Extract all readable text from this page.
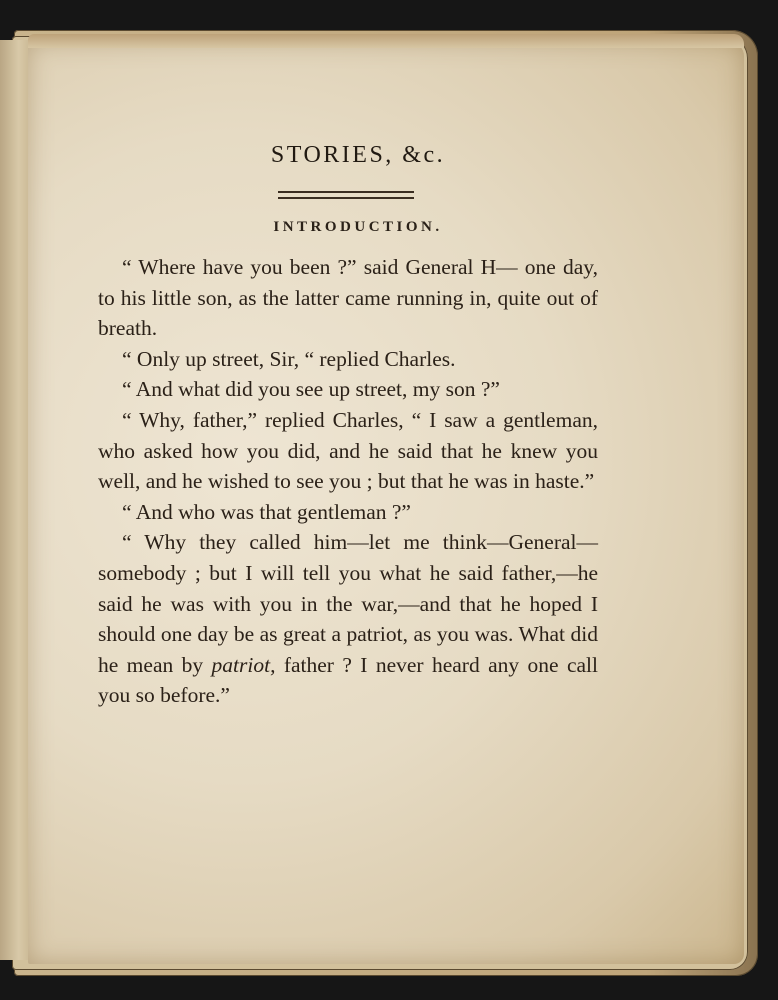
STORIES, &c.
INTRODUCTION.

“ Where have you been ?” said General H— one day, to his little son, as the latter came running in, quite out of breath.

“ Only up street, Sir, “ replied Charles.

“ And what did you see up street, my son ?”

“ Why, father,” replied Charles, “ I saw a gentleman, who asked how you did, and he said that he knew you well, and he wished to see you ; but that he was in haste.”

“ And who was that gentleman ?”

“ Why they called him—let me think—General—somebody ; but I will tell you what he said father,—he said he was with you in the war,—and that he hoped I should one day be as great a patriot, as you was. What did he mean by patriot, father ? I never heard any one call you so before.”
